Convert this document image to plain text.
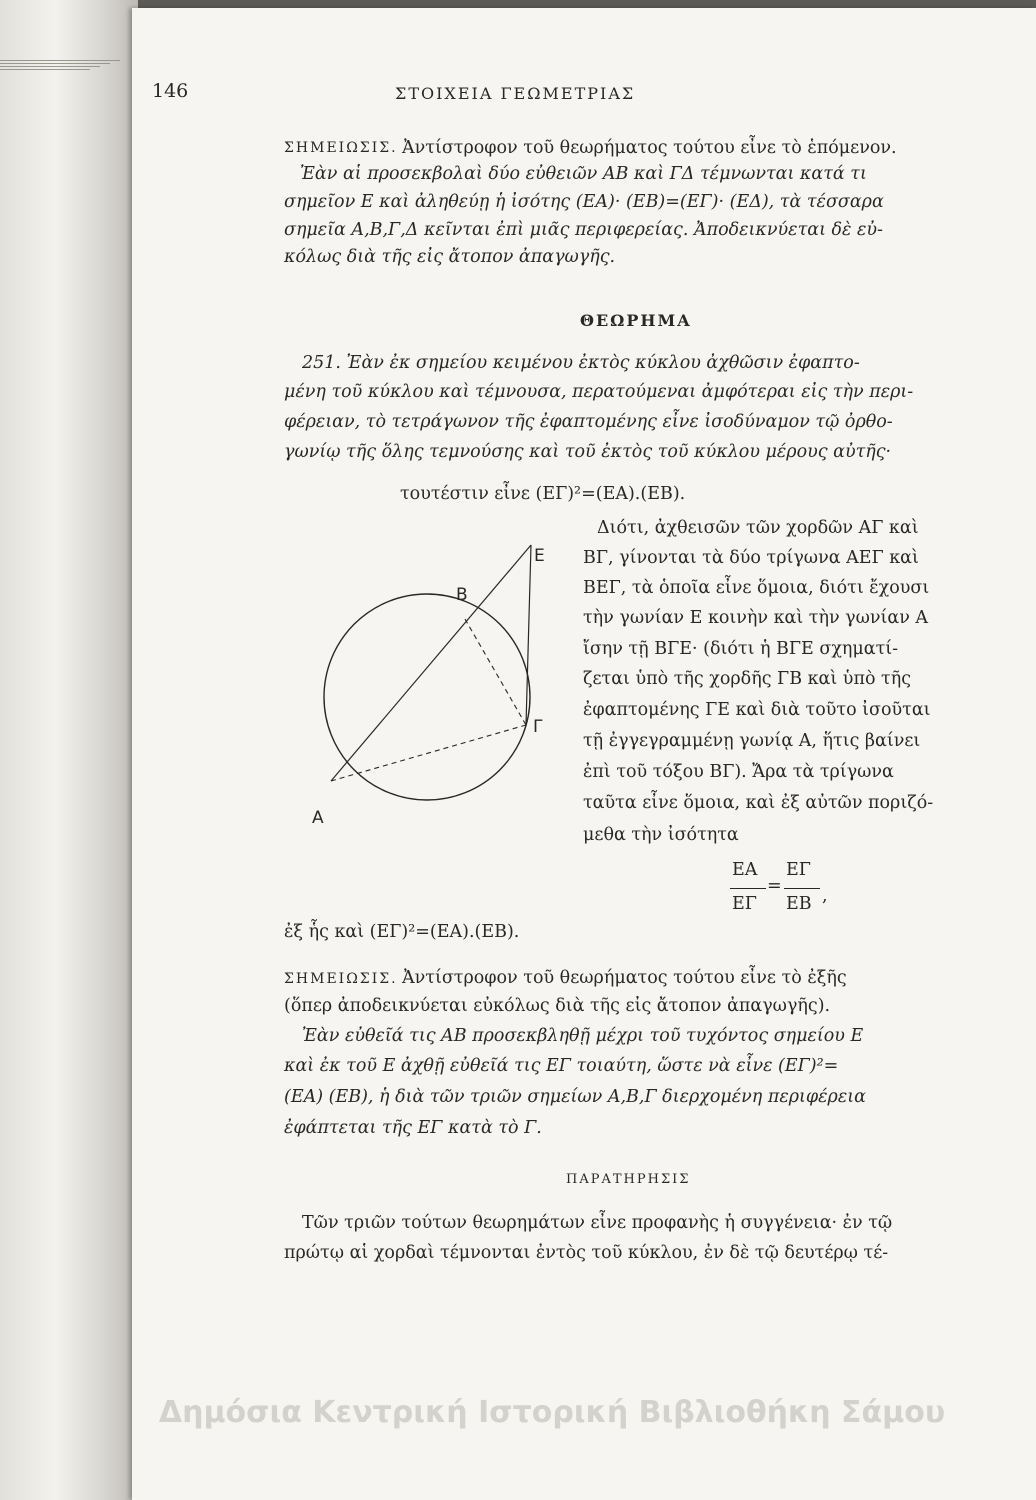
146	ΣΤΟΙΧΕΙΑ ΓΕΩΜΕΤΡΙΑΣ
ΣΗΜΕΙΩΣΙΣ. Ἀντίστροφον τοῦ θεωρήματος τούτου εἶνε τὸ ἑπόμενον.
Ἐὰν αἱ προσεκβολαὶ δύο εὐθειῶν ΑΒ καὶ ΓΔ τέμνωνται κατά τι
σημεῖον Ε καὶ ἀληθεύῃ ἡ ἰσότης (ΕΑ)· (ΕΒ)=(ΕΓ)· (ΕΔ), τὰ τέσσαρα
σημεῖα Α,Β,Γ,Δ κεῖνται ἐπὶ μιᾶς περιφερείας. Ἀποδεικνύεται δὲ εὐ-
κόλως διὰ τῆς εἰς ἄτοπον ἀπαγωγῆς.
ΘΕΩΡΗΜΑ
251. Ἐὰν ἐκ σημείου κειμένου ἐκτὸς κύκλου ἀχθῶσιν ἐφαπτο-
μένη τοῦ κύκλου καὶ τέμνουσα, περατούμεναι ἀμφότεραι εἰς τὴν περι-
φέρειαν, τὸ τετράγωνον τῆς ἐφαπτομένης εἶνε ἰσοδύναμον τῷ ὀρθο-
γωνίῳ τῆς ὅλης τεμνούσης καὶ τοῦ ἐκτὸς τοῦ κύκλου μέρους αὐτῆς·
τουτέστιν εἶνε (ΕΓ)²=(ΕΑ).(ΕΒ).
Διότι, ἀχθεισῶν τῶν χορδῶν ΑΓ καὶ
ΒΓ, γίνονται τὰ δύο τρίγωνα ΑΕΓ καὶ
ΒΕΓ, τὰ ὁποῖα εἶνε ὅμοια, διότι ἔχουσι
τὴν γωνίαν Ε κοινὴν καὶ τὴν γωνίαν Α
ἴσην τῇ ΒΓΕ· (διότι ἡ ΒΓΕ σχηματί-
ζεται ὑπὸ τῆς χορδῆς ΓΒ καὶ ὑπὸ τῆς
ἐφαπτομένης ΓΕ καὶ διὰ τοῦτο ἰσοῦται
τῇ ἐγγεγραμμένῃ γωνίᾳ Α, ἥτις βαίνει
ἐπὶ τοῦ τόξου ΒΓ). Ἄρα τὰ τρίγωνα
ταῦτα εἶνε ὅμοια, καὶ ἐξ αὐτῶν ποριζό-
μεθα τὴν ἰσότητα
ΕΑ ΕΓ
=
ΕΓ ΕΒ ,
ἐξ ἧς καὶ (ΕΓ)²=(ΕΑ).(ΕΒ).
Ε
Β
Γ
Α
ΣΗΜΕΙΩΣΙΣ. Ἀντίστροφον τοῦ θεωρήματος τούτου εἶνε τὸ ἐξῆς
(ὅπερ ἀποδεικνύεται εὐκόλως διὰ τῆς εἰς ἄτοπον ἀπαγωγῆς).
Ἐὰν εὐθεῖά τις ΑΒ προσεκβληθῇ μέχρι τοῦ τυχόντος σημείου Ε
καὶ ἐκ τοῦ Ε ἀχθῇ εὐθεῖά τις ΕΓ τοιαύτη, ὥστε νὰ εἶνε (ΕΓ)²=
(ΕΑ) (ΕΒ), ἡ διὰ τῶν τριῶν σημείων Α,Β,Γ διερχομένη περιφέρεια
ἐφάπτεται τῆς ΕΓ κατὰ τὸ Γ.
ΠΑΡΑΤΗΡΗΣΙΣ
Τῶν τριῶν τούτων θεωρημάτων εἶνε προφανὴς ἡ συγγένεια· ἐν τῷ
πρώτῳ αἱ χορδαὶ τέμνονται ἐντὸς τοῦ κύκλου, ἐν δὲ τῷ δευτέρῳ τέ-
Δημόσια Κεντρική Ιστορική Βιβλιοθήκη Σάμου
